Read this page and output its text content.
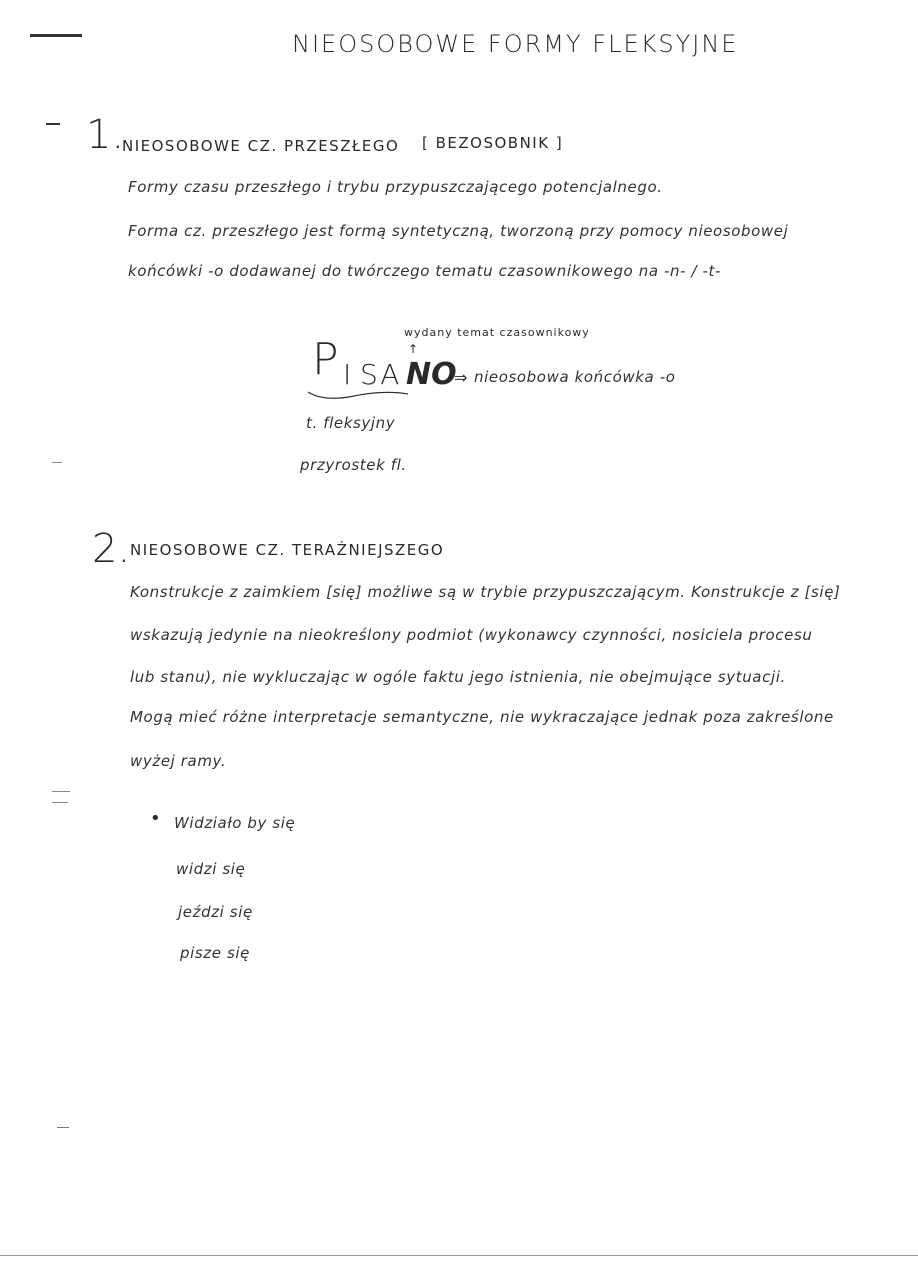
NIEOSOBOWE FORMY FLEKSYJNE
1.
NIEOSOBOWE CZ. PRZESZŁEGO [ BEZOSOBNIK ]
Formy czasu przeszłego i trybu przypuszczającego potencjalnego.
Forma cz. przeszłego jest formą syntetyczną, tworzoną przy pomocy nieosobowej
końcówki -o dodawanej do twórczego tematu czasownikowego na -n- / -t-
wydany temat czasownikowy
↑
P I SA NO
⇒ nieosobowa końcówka -o
t. fleksyjny
przyrostek fl.
2. NIEOSOBOWE CZ. TERAŹNIEJSZEGO
Konstrukcje z zaimkiem [się] możliwe są w trybie przypuszczającym. Konstrukcje z [się]
wskazują jedynie na nieokreślony podmiot (wykonawcy czynności, nosiciela procesu
lub stanu), nie wykluczając w ogóle faktu jego istnienia, nie obejmujące sytuacji.
Mogą mieć różne interpretacje semantyczne, nie wykraczające jednak poza zakreślone
wyżej ramy.
• Widziało by się
widzi się
jeździ się
pisze się
